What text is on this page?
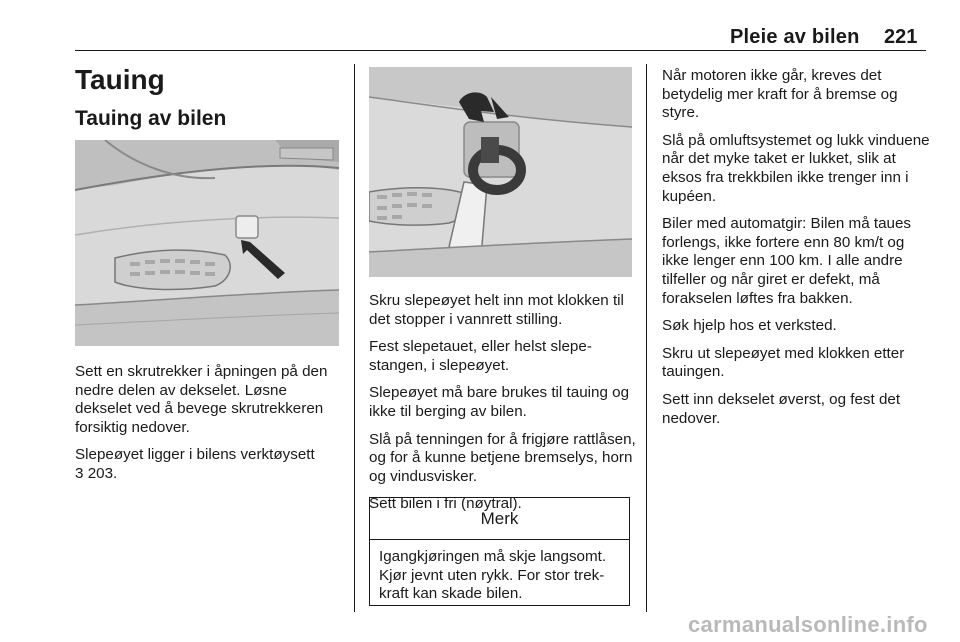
Pleie av bilen 221
Tauing
Tauing av bilen

Sett en skrutrekker i åpningen på den nedre delen av dekselet. Løsne dekselet ved å bevege skrutrekkeren forsiktig nedover.

Slepeøyet ligger i bilens verktøysett

3 203.

Skru slepeøyet helt inn mot klokken til det stopper i vannrett stilling.

Fest slepetauet, eller helst slepestangen, i slepeøyet.

Slepeøyet må bare brukes til tauing og ikke til berging av bilen.

Slå på tenningen for å frigjøre rattlåsen, og for å kunne betjene bremselys, horn og vindusvisker.

Sett bilen i fri (nøytral).

Merk
Igangkjøringen må skje langsomt. Kjør jevnt uten rykk. For stor trekkraft kan skade bilen.

Når motoren ikke går, kreves det betydelig mer kraft for å bremse og styre.

Slå på omluftsystemet og lukk vinduene når det myke taket er lukket, slik at eksos fra trekkbilen ikke trenger inn i kupéen.

Biler med automatgir: Bilen må taues forlengs, ikke fortere enn 80 km/t og ikke lenger enn 100 km. I alle andre tilfeller og når giret er defekt, må forakselen løftes fra bakken.

Søk hjelp hos et verksted.

Skru ut slepeøyet med klokken etter tauingen.

Sett inn dekselet øverst, og fest det nedover.

carmanualsonline.info
